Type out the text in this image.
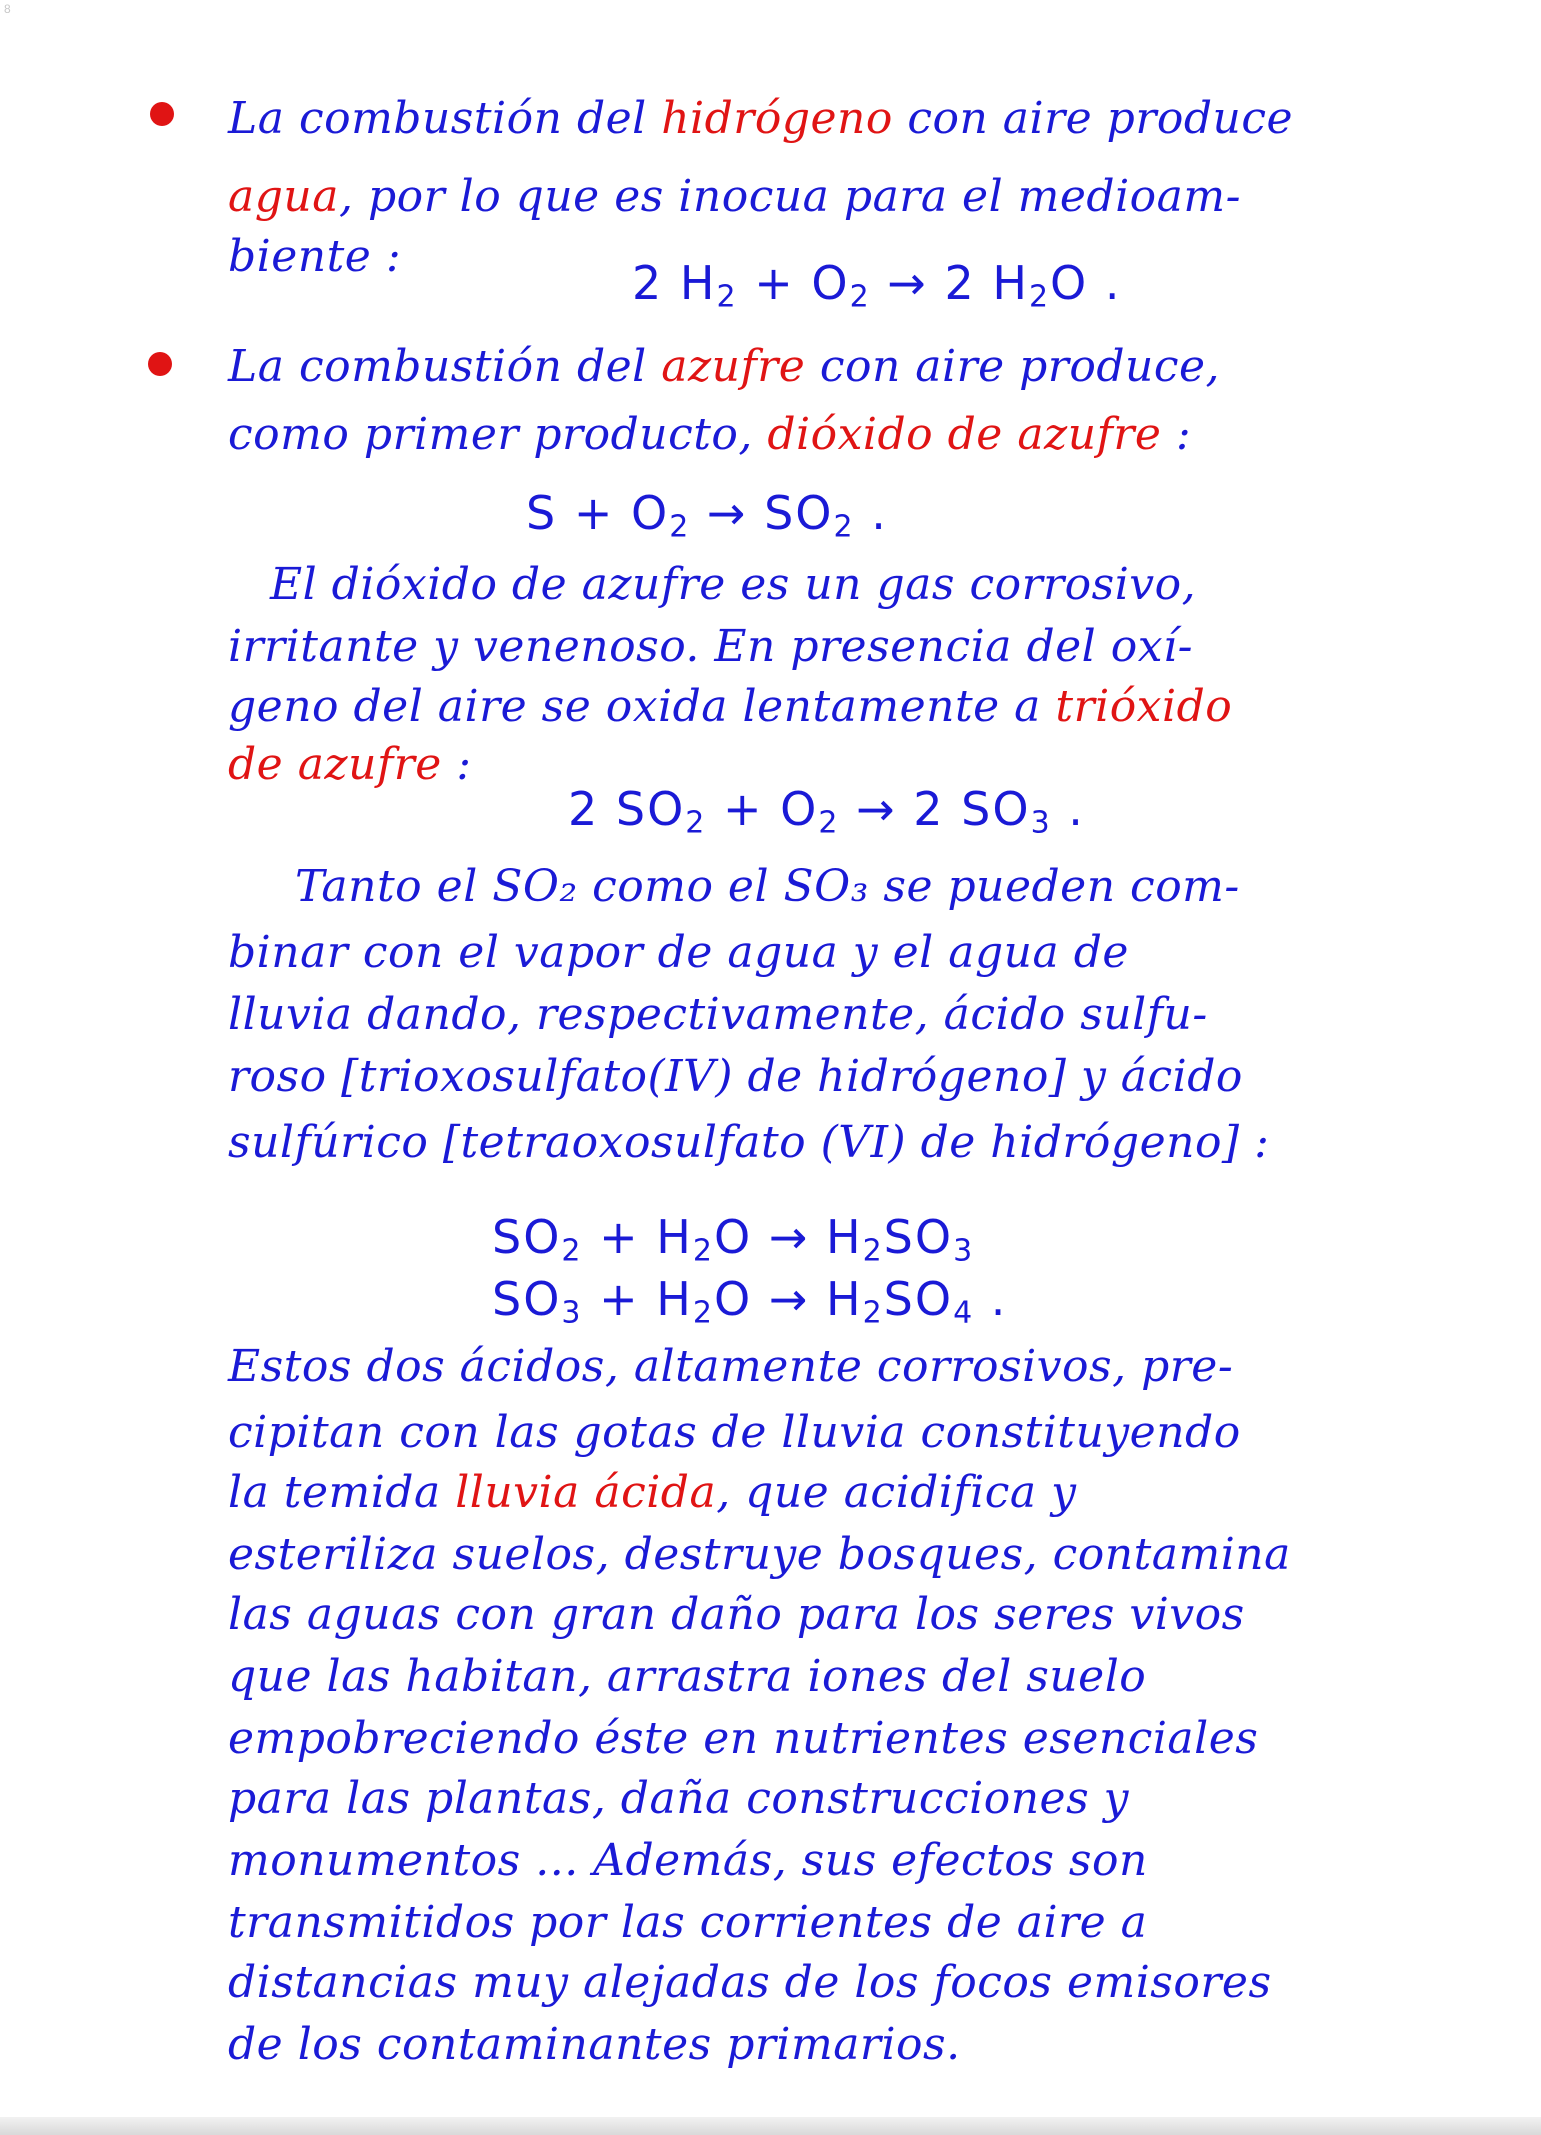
8
La combustión del hidrógeno con aire produce
agua, por lo que es inocua para el medioam-
biente :	2 $H_2 + O_2 \to 2$ $H_2O$ .
La combustión del azufre con aire produce,
como primer producto, dióxido de azufre :
$S + O_2 \to SO_2$ .
El dióxido de azufre es un gas corrosivo,
irritante y venenoso. En presencia del oxí-
geno del aire se oxida lentamente a trióxido
de azufre :
2 $SO_2 + O_2 \to 2$ $SO_3$ .
Tanto el SO₂ como el SO₃ se pueden com-
binar con el vapor de agua y el agua de
lluvia dando, respectivamente, ácido sulfu-
roso [trioxosulfato(IV) de hidrógeno] y ácido
sulfúrico [tetraoxosulfato (VI) de hidrógeno] :
$SO_2 + H_2O \to H_2SO_3$
$SO_3 + H_2O \to H_2SO_4$ .
Estos dos ácidos, altamente corrosivos, pre-
cipitan con las gotas de lluvia constituyendo
la temida lluvia ácida, que acidifica y
esteriliza suelos, destruye bosques, contamina
las aguas con gran daño para los seres vivos
que las habitan, arrastra iones del suelo
empobreciendo éste en nutrientes esenciales
para las plantas, daña construcciones y
monumentos ... Además, sus efectos son
transmitidos por las corrientes de aire a
distancias muy alejadas de los focos emisores
de los contaminantes primarios.
